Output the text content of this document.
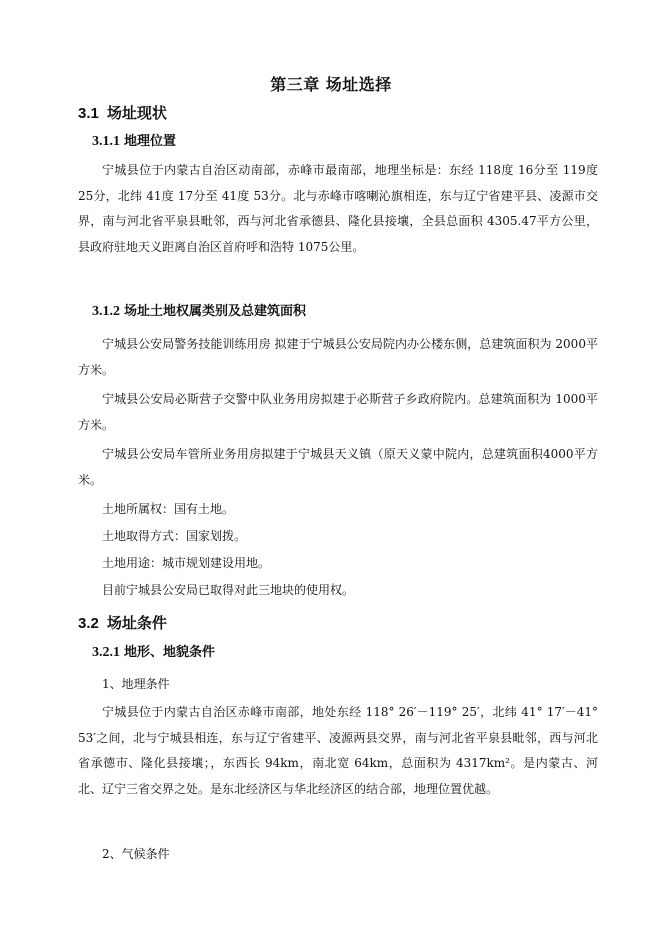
第三章 场址选择
3.1 场址现状
3.1.1 地理位置

宁城县位于内蒙古自治区动南部，赤峰市最南部，地理坐标是：东经 118度 16分至 119度 25分，北纬 41度 17分至 41度 53分。北与赤峰市喀喇沁旗相连，东与辽宁省建平县、凌源市交界，南与河北省平泉县毗邻，西与河北省承德县、隆化县接壤，全县总面积 4305.47平方公里，县政府驻地天义距离自治区首府呼和浩特 1075公里。

3.1.2 场址土地权属类别及总建筑面积

宁城县公安局警务技能训练用房 拟建于宁城县公安局院内办公楼东侧，总建筑面积为 2000平方米。

宁城县公安局必斯营子交警中队业务用房拟建于必斯营子乡政府院内。总建筑面积为 1000平方米。

宁城县公安局车管所业务用房拟建于宁城县天义镇（原天义蒙中院内，总建筑面积4000平方米。

土地所属权：国有土地。

土地取得方式：国家划拨。

土地用途：城市规划建设用地。

目前宁城县公安局已取得对此三地块的使用权。

3.2 场址条件
3.2.1 地形、地貌条件

1、地理条件

宁城县位于内蒙古自治区赤峰市南部，地处东经 118° 26′－119° 25′，北纬 41° 17′－41° 53′之间，北与宁城县相连，东与辽宁省建平、凌源两县交界，南与河北省平泉县毗邻，西与河北省承德市、隆化县接壤；，东西长 94km，南北宽 64km，总面积为 4317km²。是内蒙古、河北、辽宁三省交界之处。是东北经济区与华北经济区的结合部，地理位置优越。

2、气候条件
